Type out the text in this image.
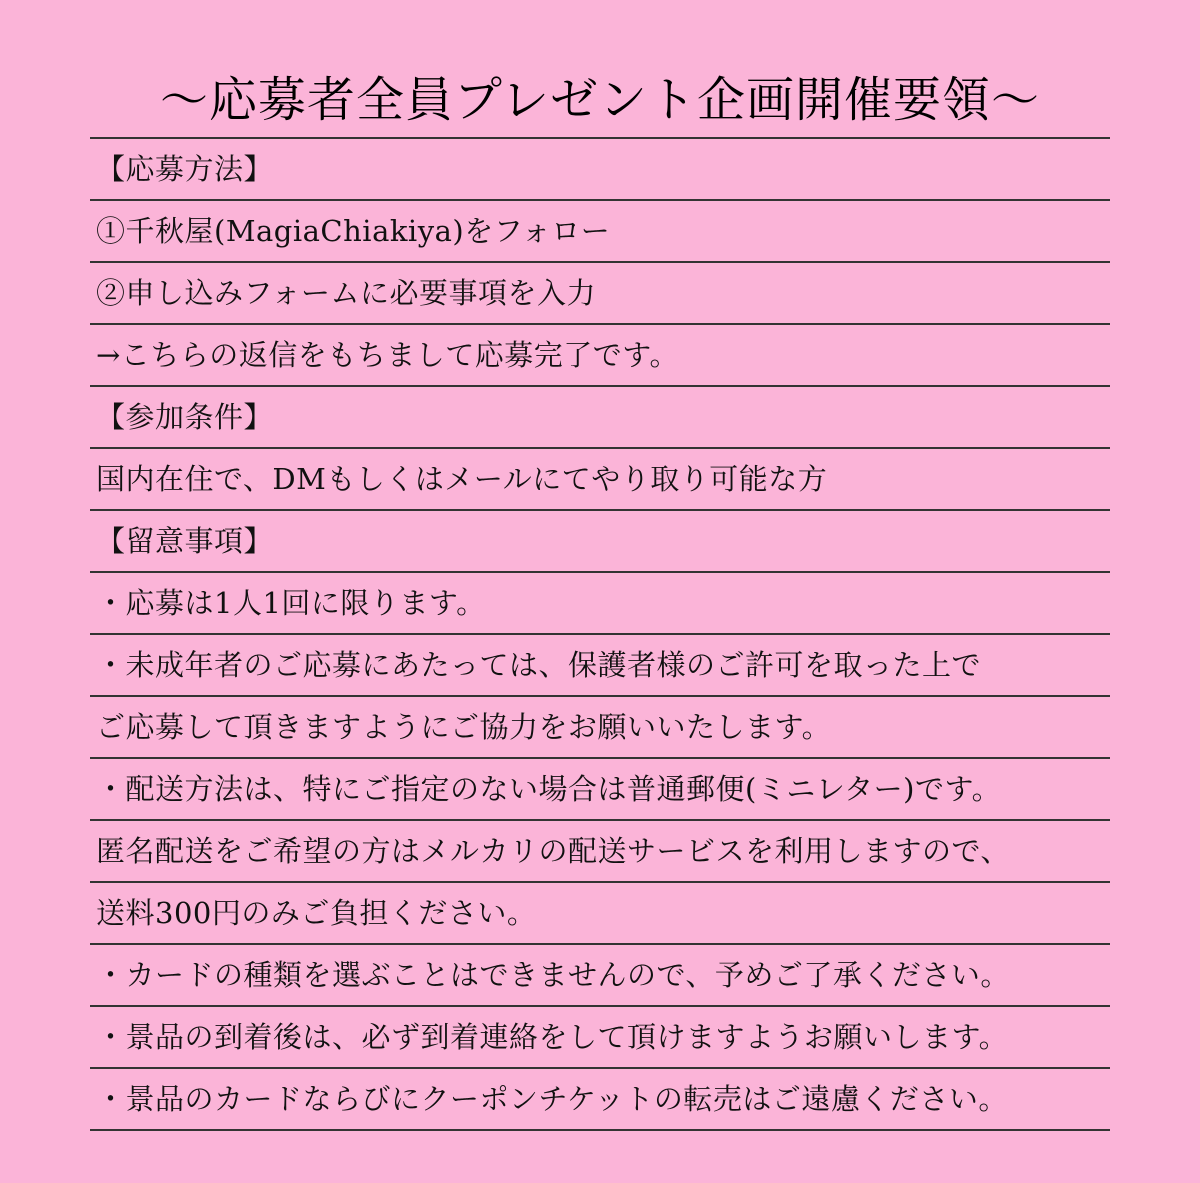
〜応募者全員プレゼント企画開催要領〜
【応募方法】
①千秋屋(MagiaChiakiya)をフォロー
②申し込みフォームに必要事項を入力
→こちらの返信をもちまして応募完了です。
【参加条件】
国内在住で、DMもしくはメールにてやり取り可能な方
【留意事項】
・応募は1人1回に限ります。
・未成年者のご応募にあたっては、保護者様のご許可を取った上で
ご応募して頂きますようにご協力をお願いいたします。
・配送方法は、特にご指定のない場合は普通郵便(ミニレター)です。
匿名配送をご希望の方はメルカリの配送サービスを利用しますので、
送料300円のみご負担ください。
・カードの種類を選ぶことはできませんので、予めご了承ください。
・景品の到着後は、必ず到着連絡をして頂けますようお願いします。
・景品のカードならびにクーポンチケットの転売はご遠慮ください。
